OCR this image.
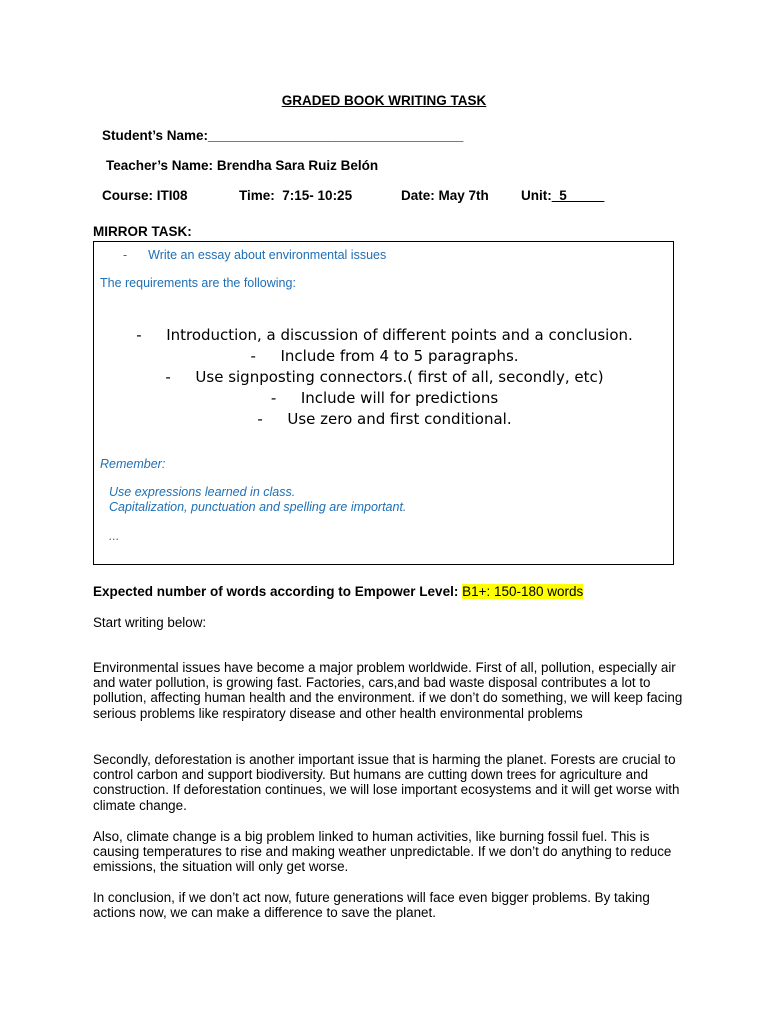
GRADED BOOK WRITING TASK
Student’s Name:__________________________________
Teacher’s Name: Brendha Sara Ruiz Belón
Course: ITI08	Time: 7:15- 10:25	Date: May 7th Unit:_5_____
MIRROR TASK:
- Write an essay about environmental issues
The requirements are the following:
- Introduction, a discussion of different points and a conclusion.
- Include from 4 to 5 paragraphs.
- Use signposting connectors.( first of all, secondly, etc)
- Include will for predictions
- Use zero and first conditional.
Remember:
Use expressions learned in class.
Capitalization, punctuation and spelling are important.
...
Expected number of words according to Empower Level: B1+: 150-180 words
Start writing below:
Environmental issues have become a major problem worldwide. First of all, pollution, especially air and water pollution, is growing fast. Factories, cars,and bad waste disposal contributes a lot to pollution, affecting human health and the environment. if we don’t do something, we will keep facing serious problems like respiratory disease and other health environmental problems
Secondly, deforestation is another important issue that is harming the planet. Forests are crucial to control carbon and support biodiversity. But humans are cutting down trees for agriculture and construction. If deforestation continues, we will lose important ecosystems and it will get worse with climate change.
Also, climate change is a big problem linked to human activities, like burning fossil fuel. This is causing temperatures to rise and making weather unpredictable. If we don’t do anything to reduce emissions, the situation will only get worse.
In conclusion, if we don’t act now, future generations will face even bigger problems. By taking actions now, we can make a difference to save the planet.
